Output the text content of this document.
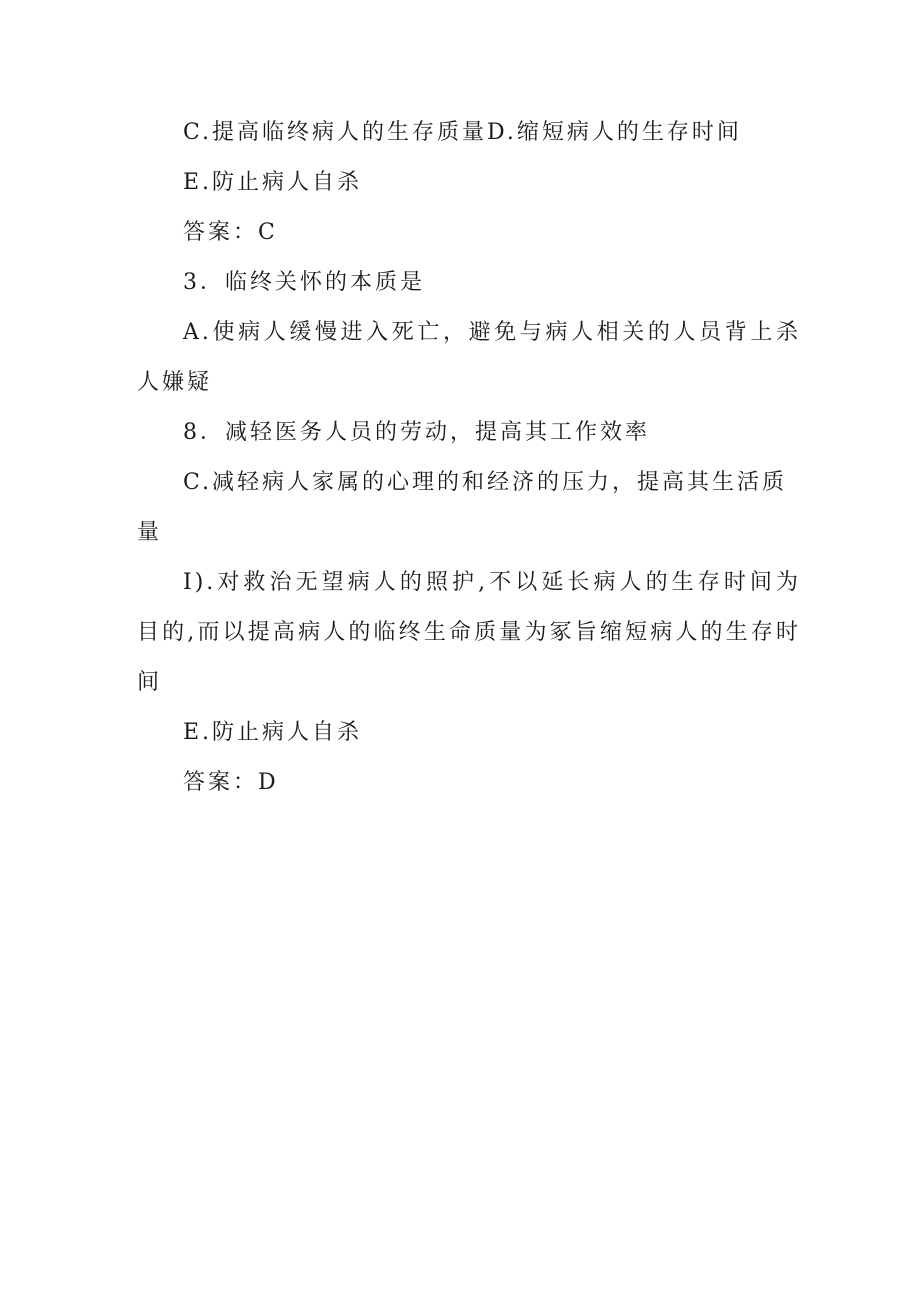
C.提高临终病人的生存质量D.缩短病人的生存时间

E.防止病人自杀

答案：C

3．临终关怀的本质是

A.使病人缓慢进入死亡，避免与病人相关的人员背上杀人嫌疑

8．减轻医务人员的劳动，提高其工作效率

C.减轻病人家属的心理的和经济的压力，提高其生活质量

I).对救治无望病人的照护,不以延长病人的生存时间为目的,而以提高病人的临终生命质量为冢旨缩短病人的生存时间

E.防止病人自杀

答案：D
